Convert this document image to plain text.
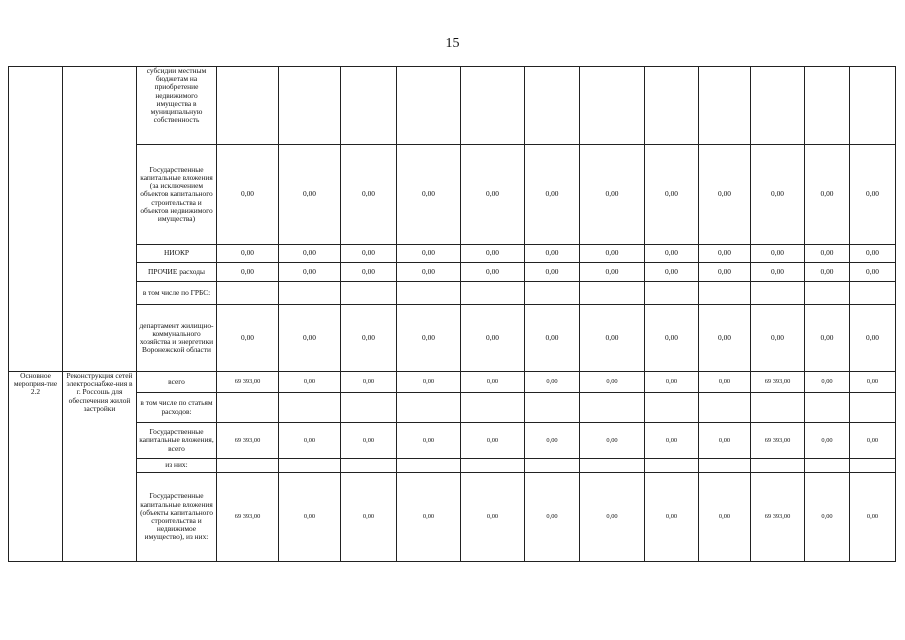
15
		субсидии местным бюджетам на приобретение недвижимого имущества в муниципальную собственность												
		Государственные капитальные вложения (за исключением объектов капитального строительства и объектов недвижимого имущества)	0,00	0,00	0,00	0,00	0,00	0,00	0,00	0,00	0,00	0,00	0,00	0,00
		НИОКР	0,00	0,00	0,00	0,00	0,00	0,00	0,00	0,00	0,00	0,00	0,00	0,00
		ПРОЧИЕ расходы	0,00	0,00	0,00	0,00	0,00	0,00	0,00	0,00	0,00	0,00	0,00	0,00
		в том числе по ГРБС:												
		департамент жилищно-коммунального хозяйства и энергетики Воронежской области	0,00	0,00	0,00	0,00	0,00	0,00	0,00	0,00	0,00	0,00	0,00	0,00
Основное мероприя-тие 2.2	Реконструкция сетей электроснабже-ния в г. Россошь для обеспечения жилой застройки	всего	69 393,00	0,00	0,00	0,00	0,00	0,00	0,00	0,00	0,00	69 393,00	0,00	0,00
		в том числе по статьям расходов:												
		Государственные капитальные вложения, всего	69 393,00	0,00	0,00	0,00	0,00	0,00	0,00	0,00	0,00	69 393,00	0,00	0,00
		из них:												
		Государственные капитальные вложения (объекты капитального строительства и недвижимое имущество), из них:	69 393,00	0,00	0,00	0,00	0,00	0,00	0,00	0,00	0,00	69 393,00	0,00	0,00
